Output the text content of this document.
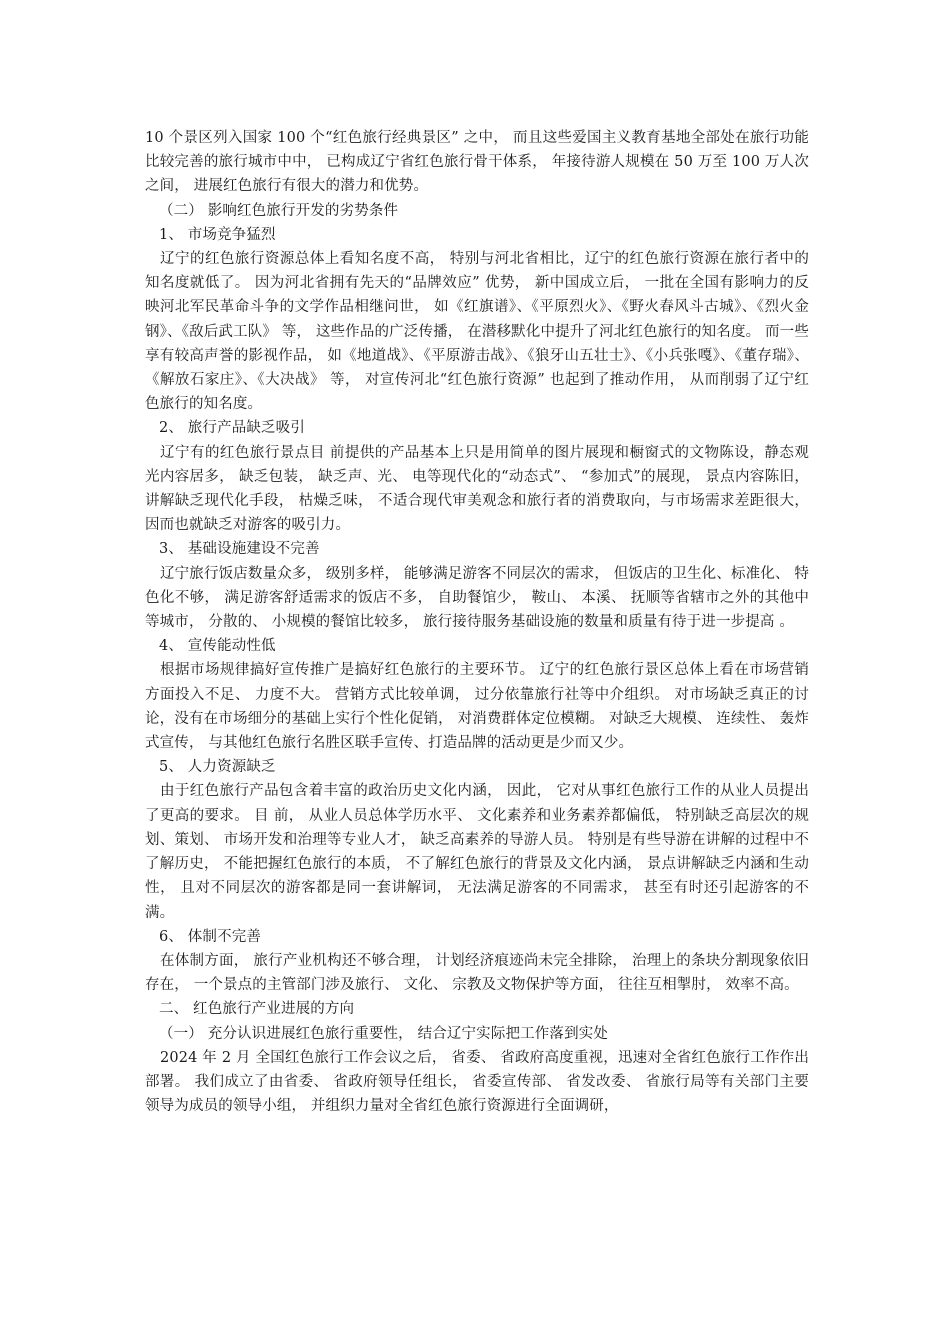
10 个景区列入国家 100 个“红色旅行经典景区” 之中， 而且这些爱国主义教育基地全部处在旅行功能比较完善的旅行城市中中， 已构成辽宁省红色旅行骨干体系， 年接待游人规模在 50 万至 100 万人次之间， 进展红色旅行有很大的潜力和优势。

（二） 影响红色旅行开发的劣势条件

1、 市场竞争猛烈

辽宁的红色旅行资源总体上看知名度不高， 特别与河北省相比，辽宁的红色旅行资源在旅行者中的知名度就低了。 因为河北省拥有先天的“品牌效应” 优势， 新中国成立后， 一批在全国有影响力的反映河北军民革命斗争的文学作品相继问世， 如《红旗谱》、《平原烈火》、《野火春风斗古城》、《烈火金钢》、《敌后武工队》 等， 这些作品的广泛传播， 在潜移默化中提升了河北红色旅行的知名度。 而一些享有较高声誉的影视作品， 如《地道战》、《平原游击战》、《狼牙山五壮士》、《小兵张嘎》、《董存瑞》、《解放石家庄》、《大决战》 等， 对宣传河北“红色旅行资源” 也起到了推动作用， 从而削弱了辽宁红色旅行的知名度。

2、 旅行产品缺乏吸引

辽宁有的红色旅行景点目 前提供的产品基本上只是用简单的图片展现和橱窗式的文物陈设，静态观光内容居多， 缺乏包装， 缺乏声、光、 电等现代化的“动态式”、 “参加式”的展现， 景点内容陈旧， 讲解缺乏现代化手段， 枯燥乏味， 不适合现代审美观念和旅行者的消费取向，与市场需求差距很大， 因而也就缺乏对游客的吸引力。

3、 基础设施建设不完善

辽宁旅行饭店数量众多， 级别多样， 能够满足游客不同层次的需求， 但饭店的卫生化、标准化、 特色化不够， 满足游客舒适需求的饭店不多， 自助餐馆少， 鞍山、 本溪、 抚顺等省辖市之外的其他中等城市， 分散的、 小规模的餐馆比较多， 旅行接待服务基础设施的数量和质量有待于进一步提高 。

4、 宣传能动性低

根据市场规律搞好宣传推广是搞好红色旅行的主要环节。 辽宁的红色旅行景区总体上看在市场营销方面投入不足、 力度不大。 营销方式比较单调， 过分依靠旅行社等中介组织。 对市场缺乏真正的讨论，没有在市场细分的基础上实行个性化促销， 对消费群体定位模糊。 对缺乏大规模、 连续性、 轰炸式宣传， 与其他红色旅行名胜区联手宣传、打造品牌的活动更是少而又少。

5、 人力资源缺乏

由于红色旅行产品包含着丰富的政治历史文化内涵， 因此， 它对从事红色旅行工作的从业人员提出了更高的要求。 目 前， 从业人员总体学历水平、 文化素养和业务素养都偏低， 特别缺乏高层次的规划、策划、 市场开发和治理等专业人才， 缺乏高素养的导游人员。 特别是有些导游在讲解的过程中不了解历史， 不能把握红色旅行的本质， 不了解红色旅行的背景及文化内涵， 景点讲解缺乏内涵和生动性， 且对不同层次的游客都是同一套讲解词， 无法满足游客的不同需求， 甚至有时还引起游客的不满。

6、 体制不完善

在体制方面， 旅行产业机构还不够合理， 计划经济痕迹尚未完全排除， 治理上的条块分割现象依旧存在， 一个景点的主管部门涉及旅行、 文化、 宗教及文物保护等方面， 往往互相掣肘， 效率不高。

二、 红色旅行产业进展的方向

（一） 充分认识进展红色旅行重要性， 结合辽宁实际把工作落到实处

2024 年 2 月 全国红色旅行工作会议之后， 省委、 省政府高度重视，迅速对全省红色旅行工作作出部署。 我们成立了由省委、 省政府领导任组长， 省委宣传部、 省发改委、 省旅行局等有关部门主要领导为成员的领导小组， 并组织力量对全省红色旅行资源进行全面调研，
